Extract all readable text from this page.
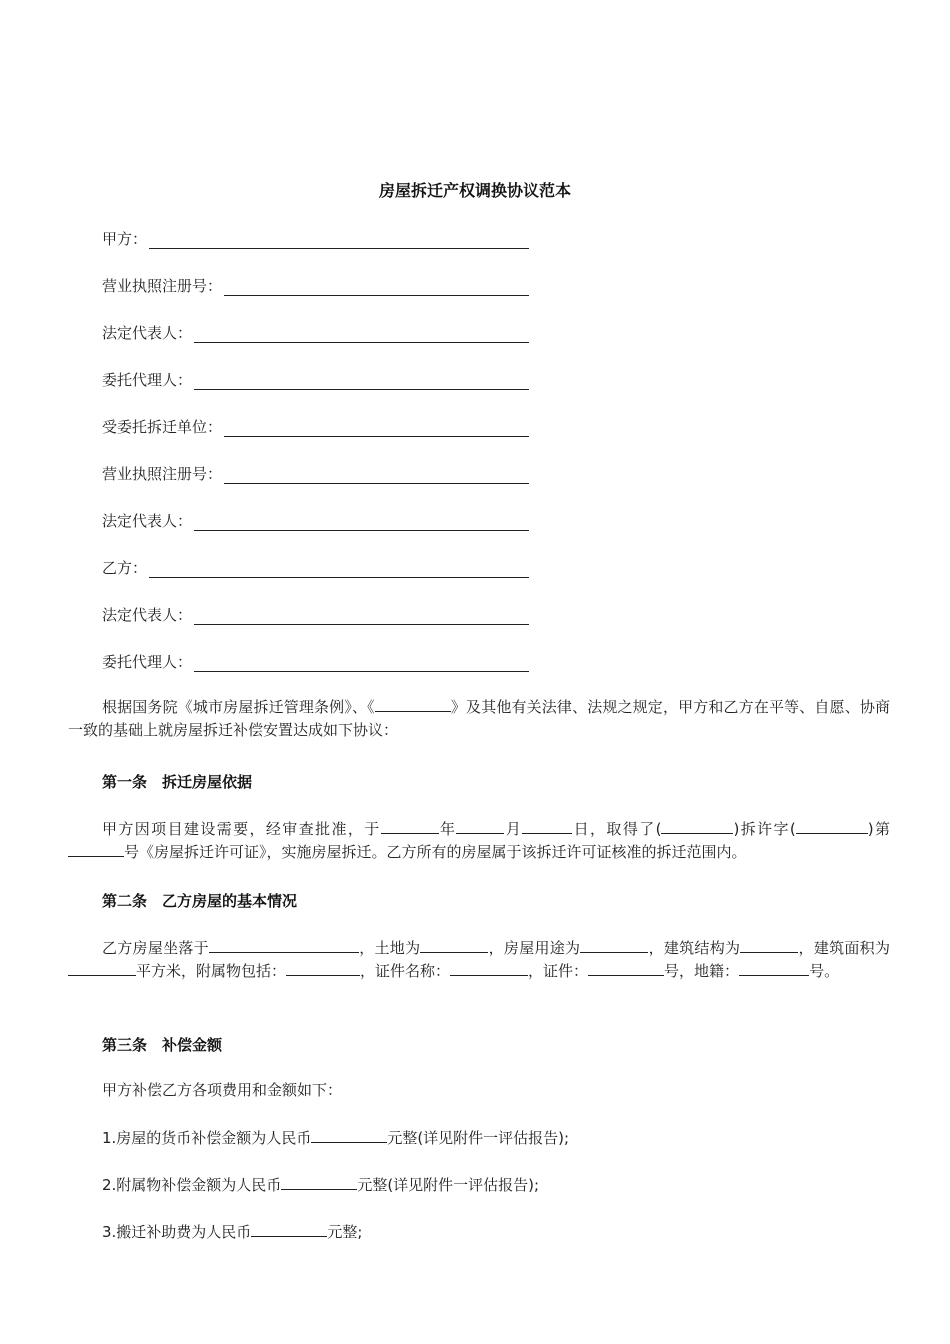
房屋拆迁产权调换协议范本
甲方：
营业执照注册号：
法定代表人：
委托代理人：
受委托拆迁单位：
营业执照注册号：
法定代表人：
乙方：
法定代表人：
委托代理人：
根据国务院《城市房屋拆迁管理条例》、《	》及其他有关法律、法规之规定，甲方和乙方在平等、自愿、协商一致的基础上就房屋拆迁补偿安置达成如下协议：
第一条　拆迁房屋依据
甲方因项目建设需要，经审查批准，于	年	月	日，取得了(	)拆许字(	)第号《房屋拆迁许可证》，实施房屋拆迁。乙方所有的房屋属于该拆迁许可证核准的拆迁范围内。
第二条　乙方房屋的基本情况
乙方房屋坐落于	，土地为	，房屋用途为	，建筑结构为	，建筑面积为平方米，附属物包括：	，证件名称：	，证件：	号，地籍：	号。
第三条　补偿金额
甲方补偿乙方各项费用和金额如下：
1.房屋的货币补偿金额为人民币	元整(详见附件一评估报告);
2.附属物补偿金额为人民币	元整(详见附件一评估报告);
3.搬迁补助费为人民币	元整;
